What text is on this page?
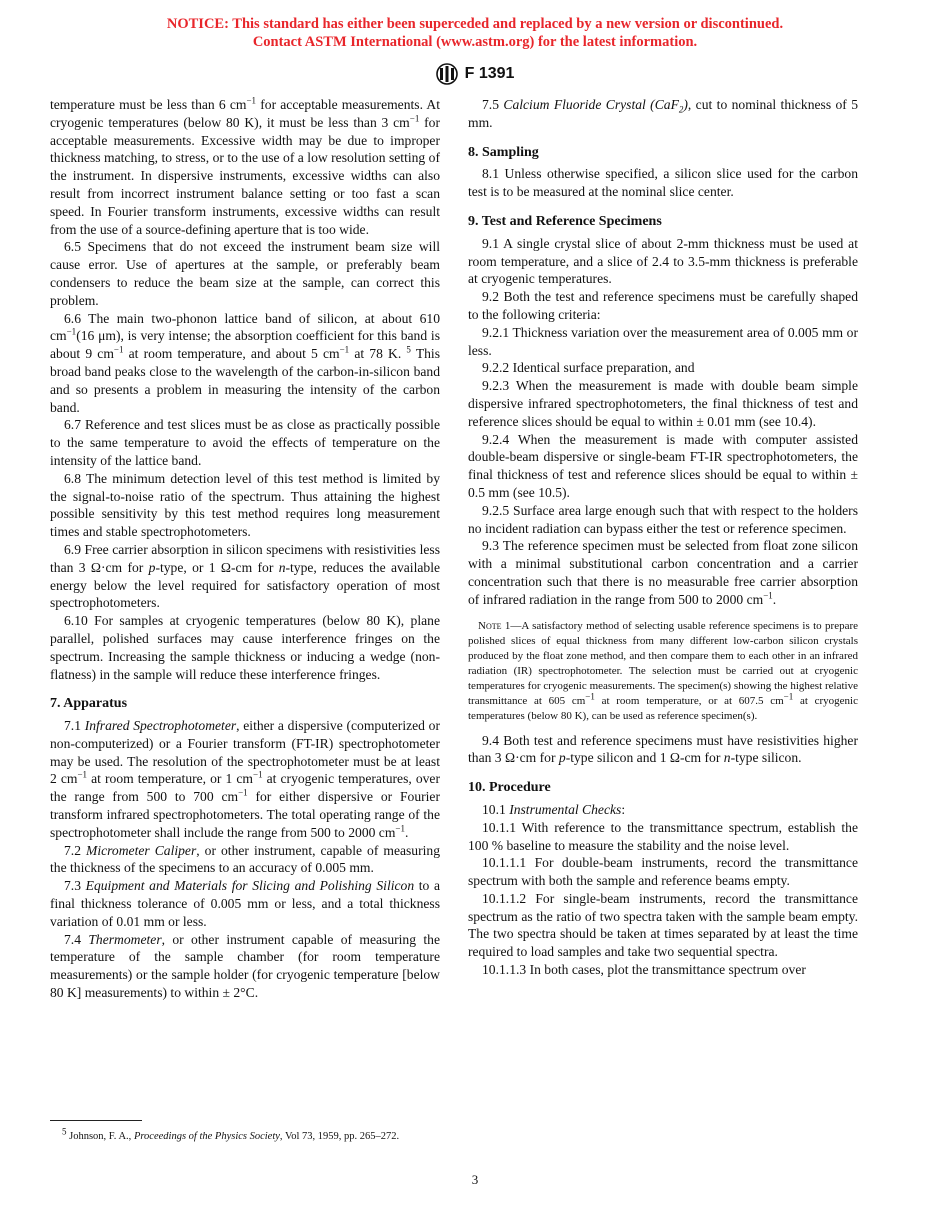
NOTICE: This standard has either been superceded and replaced by a new version or discontinued.
Contact ASTM International (www.astm.org) for the latest information.
F 1391

temperature must be less than 6 $cm^{-1}$ for acceptable measurements. At cryogenic temperatures (below 80 K), it must be less than 3 $cm^{-1}$ for acceptable measurements. Excessive width may be due to improper thickness matching, to stress, or to the use of a low resolution setting of the instrument. In dispersive instruments, excessive widths can also result from incorrect instrument balance setting or too fast a scan speed. In Fourier transform instruments, excessive widths can result from the use of a source-defining aperture that is too wide.

6.5 Specimens that do not exceed the instrument beam size will cause error. Use of apertures at the sample, or preferably beam condensers to reduce the beam size at the sample, can correct this problem.

6.6 The main two-phonon lattice band of silicon, at about 610 $cm^{-1}(16$ μm), is very intense; the absorption coefficient for this band is about 9 $cm^{-1}$ at room temperature, and about 5 $cm^{-1}$ at 78 K. $^5$ This broad band peaks close to the wavelength of the carbon-in-silicon band and so presents a problem in measuring the intensity of the carbon band.

6.7 Reference and test slices must be as close as practically possible to the same temperature to avoid the effects of temperature on the intensity of the lattice band.

6.8 The minimum detection level of this test method is limited by the signal-to-noise ratio of the spectrum. Thus attaining the highest possible sensitivity by this test method requires long measurement times and stable spectrophotometers.

6.9 Free carrier absorption in silicon specimens with resistivities less than 3 Ω·cm for p-type, or 1 Ω-cm for n-type, reduces the available energy below the level required for satisfactory operation of most spectrophotometers.

6.10 For samples at cryogenic temperatures (below 80 K), plane parallel, polished surfaces may cause interference fringes on the spectrum. Increasing the sample thickness or inducing a wedge (non-flatness) in the sample will reduce these interference fringes.

7. Apparatus

7.1 Infrared Spectrophotometer, either a dispersive (computerized or non-computerized) or a Fourier transform (FT-IR) spectrophotometer may be used. The resolution of the spectrophotometer must be at least 2 $cm^{-1}$ at room temperature, or 1 $cm^{-1}$ at cryogenic temperatures, over the range from 500 to 700 $cm^{-1}$ for either dispersive or Fourier transform infrared spectrophotometers. The total operating range of the spectrophotometer shall include the range from 500 to 2000 $cm^{-1}$.

7.2 Micrometer Caliper, or other instrument, capable of measuring the thickness of the specimens to an accuracy of 0.005 mm.

7.3 Equipment and Materials for Slicing and Polishing Silicon to a final thickness tolerance of 0.005 mm or less, and a total thickness variation of 0.01 mm or less.

7.4 Thermometer, or other instrument capable of measuring the temperature of the sample chamber (for room temperature measurements) or the sample holder (for cryogenic temperature [below 80 K] measurements) to within ± 2°C.

$^5$ Johnson, F. A., Proceedings of the Physics Society, Vol 73, 1959, pp. 265–272.

7.5 Calcium Fluoride Crystal (CaF$_2$), cut to nominal thickness of 5 mm.

8. Sampling

8.1 Unless otherwise specified, a silicon slice used for the carbon test is to be measured at the nominal slice center.

9. Test and Reference Specimens

9.1 A single crystal slice of about 2-mm thickness must be used at room temperature, and a slice of 2.4 to 3.5-mm thickness is preferable at cryogenic temperatures.

9.2 Both the test and reference specimens must be carefully shaped to the following criteria:

9.2.1 Thickness variation over the measurement area of 0.005 mm or less.

9.2.2 Identical surface preparation, and

9.2.3 When the measurement is made with double beam simple dispersive infrared spectrophotometers, the final thickness of test and reference slices should be equal to within ± 0.01 mm (see 10.4).

9.2.4 When the measurement is made with computer assisted double-beam dispersive or single-beam FT-IR spectrophotometers, the final thickness of test and reference slices should be equal to within ± 0.5 mm (see 10.5).

9.2.5 Surface area large enough such that with respect to the holders no incident radiation can bypass either the test or reference specimen.

9.3 The reference specimen must be selected from float zone silicon with a minimal substitutional carbon concentration and a carrier concentration such that there is no measurable free carrier absorption of infrared radiation in the range from 500 to 2000 $cm^{-1}$.

Note 1—A satisfactory method of selecting usable reference specimens is to prepare polished slices of equal thickness from many different low-carbon silicon crystals produced by the float zone method, and then compare them to each other in an infrared radiation (IR) spectrophotometer. The selection must be carried out at cryogenic temperatures for cryogenic measurements. The specimen(s) showing the highest relative transmittance at 605 $cm^{-1}$ at room temperature, or at 607.5 $cm^{-1}$ at cryogenic temperatures (below 80 K), can be used as reference specimen(s).

9.4 Both test and reference specimens must have resistivities higher than 3 Ω·cm for p-type silicon and 1 Ω-cm for n-type silicon.

10. Procedure

10.1 Instrumental Checks:

10.1.1 With reference to the transmittance spectrum, establish the 100 % baseline to measure the stability and the noise level.

10.1.1.1 For double-beam instruments, record the transmittance spectrum with both the sample and reference beams empty.

10.1.1.2 For single-beam instruments, record the transmittance spectrum as the ratio of two spectra taken with the sample beam empty. The two spectra should be taken at times separated by at least the time required to load samples and take two sequential spectra.

10.1.1.3 In both cases, plot the transmittance spectrum over

3
